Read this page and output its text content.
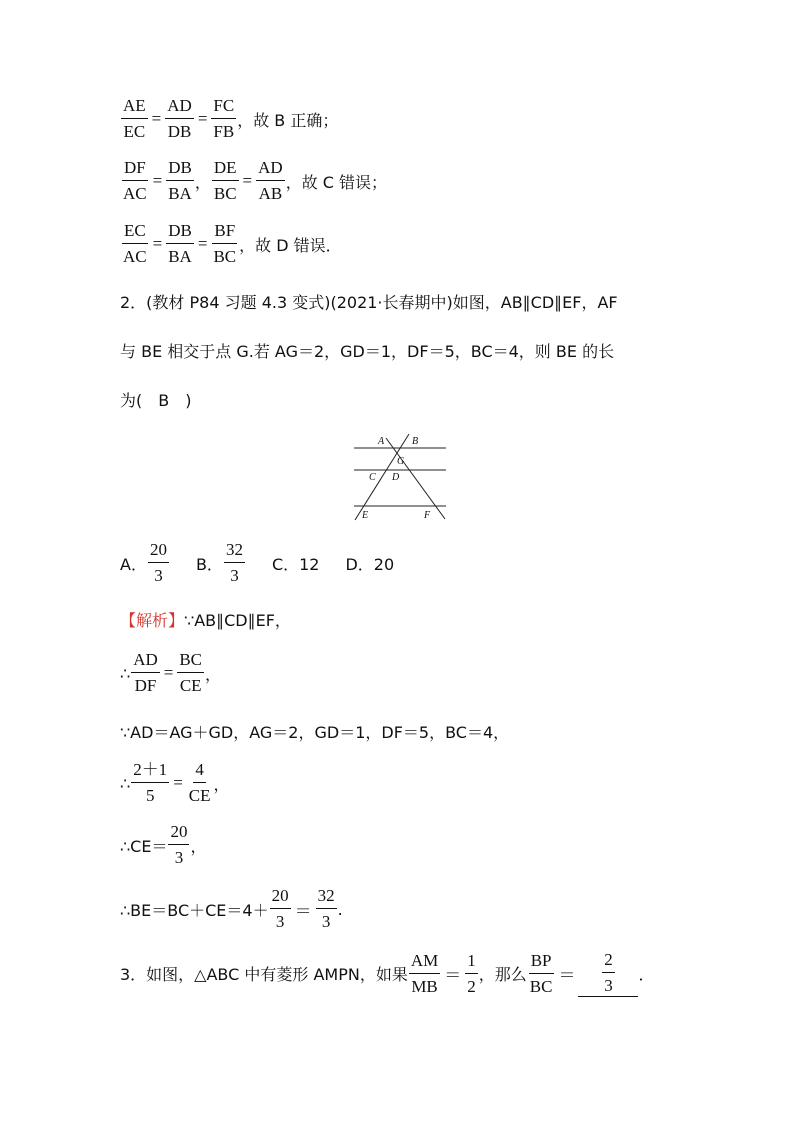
$\frac{AE}{EC} = \frac{AD}{DB} = \frac{FC}{FB}$ ，故 B 正确；
$\frac{DF}{AC} = \frac{DB}{BA}$ ， $\frac{DE}{BC} = \frac{AD}{AB}$ ，故 C 错误；
$\frac{EC}{AC} = \frac{DB}{BA} = \frac{BF}{BC}$ ，故 D 错误．
2．(教材 P84 习题 4.3 变式)(2021·长春期中)如图，AB∥CD∥EF，AF
与 BE 相交于点 G.若 AG＝2，GD＝1，DF＝5，BC＝4，则 BE 的长
为(　B　)
A	B
G
C D
E	F
A． $\frac{20}{3}$ B． $\frac{32}{3}$ C．12 D．20
【解析】 ∵AB∥CD∥EF，
∴ $\frac{AD}{DF} = \frac{BC}{CE}$ ，
∵AD＝AG＋GD，AG＝2，GD＝1，DF＝5，BC＝4，
∴ $\frac{2+1}{5} = \frac{4}{CE}$ ，
∴CE＝ $\frac{20}{3}$ ，
∴BE＝BC＋CE＝4＋ $\frac{20}{3} = \frac{32}{3}$ .
3．如图，△ABC 中有菱形 AMPN，如果 $\frac{AM}{MB} = \frac{1}{2}$ ，那么 $\frac{BP}{BC} = \frac{2}{3}$ ．
